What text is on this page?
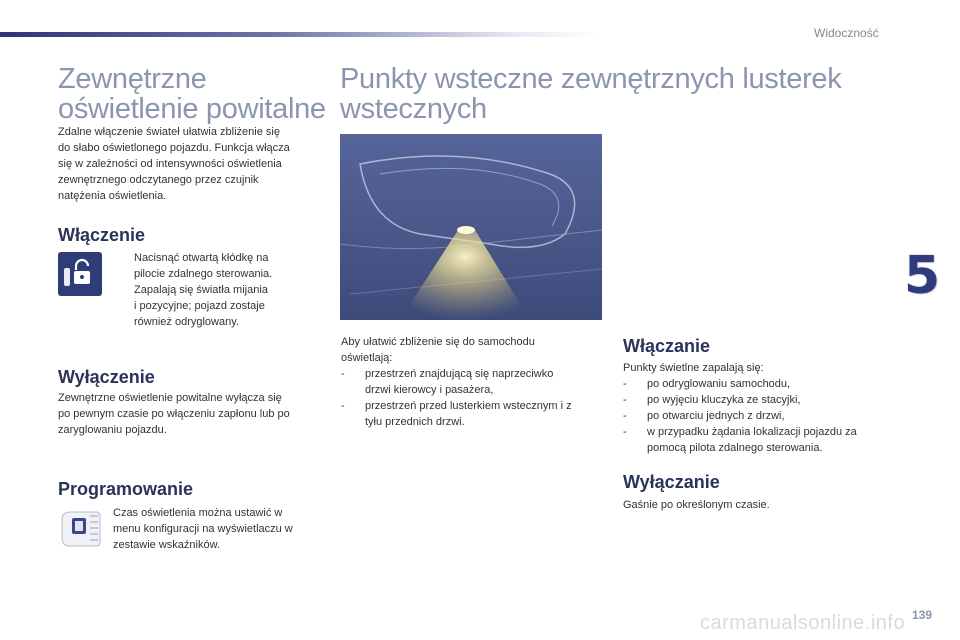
Widoczność
5
Zewnętrzne
oświetlenie powitalne

Zdalne włączenie świateł ułatwia zbliżenie się
do słabo oświetlonego pojazdu. Funkcja włącza
się w zależności od intensywności oświetlenia
zewnętrznego odczytanego przez czujnik
natężenia oświetlenia.

Włączenie

Nacisnąć otwartą kłódkę na
pilocie zdalnego sterowania.
Zapalają się światła mijania
i pozycyjne; pojazd zostaje
również odryglowany.

Wyłączenie

Zewnętrzne oświetlenie powitalne wyłącza się
po pewnym czasie po włączeniu zapłonu lub po
zaryglowaniu pojazdu.

Programowanie

Czas oświetlenia można ustawić w
menu konfiguracji na wyświetlaczu w
zestawie wskaźników.

Punkty wsteczne zewnętrznych lusterek
wstecznych

Aby ułatwić zbliżenie się do samochodu
oświetlają:

- przestrzeń znajdującą się naprzeciwko
drzwi kierowcy i pasażera,
- przestrzeń przed lusterkiem wstecznym i z
tyłu przednich drzwi.
Włączanie

Punkty świetlne zapalają się:

- po odryglowaniu samochodu,
- po wyjęciu kluczyka ze stacyjki,
- po otwarciu jednych z drzwi,
- w przypadku żądania lokalizacji pojazdu za
pomocą pilota zdalnego sterowania.
Wyłączanie

Gaśnie po określonym czasie.

carmanualsonline.info 139
